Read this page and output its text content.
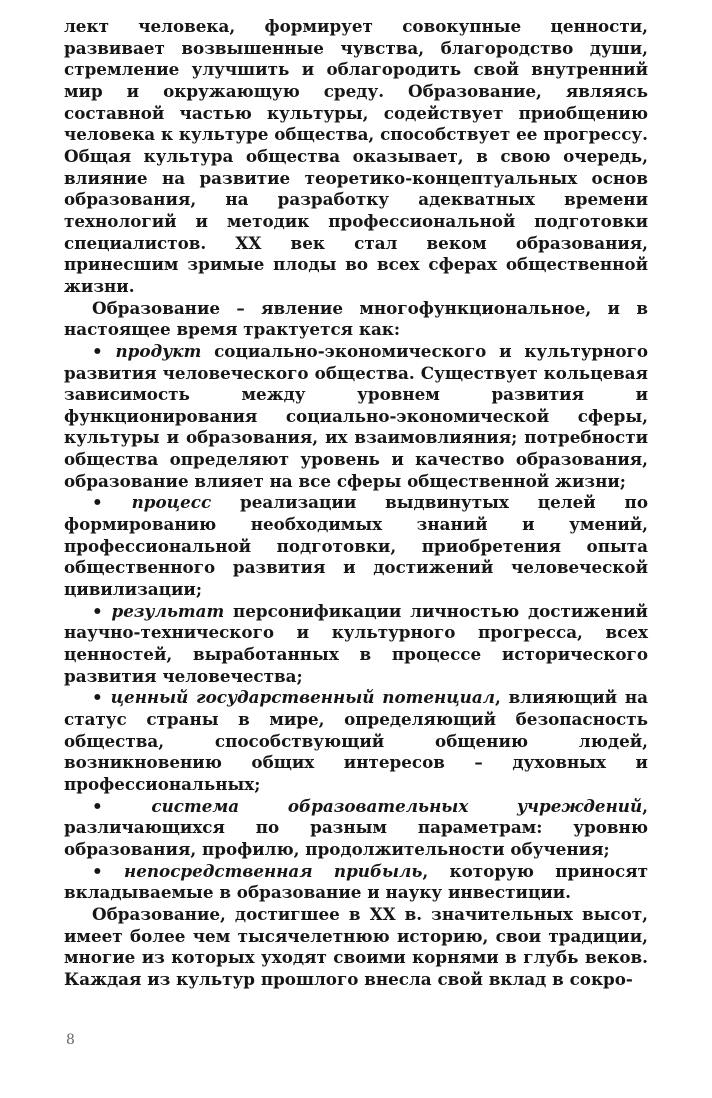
лект человека, формирует совокупные ценности, развивает возвышенные чувства, благородство души, стремление улучшить и облагородить свой внутренний мир и окружающую среду. Образование, являясь составной частью культуры, содействует приобщению человека к культуре общества, способствует ее прогрессу. Общая культура общества оказывает, в свою очередь, влияние на развитие теоретико-концептуальных основ образования, на разработку адекватных времени технологий и методик профессиональной подготовки специалистов. XX век стал веком образования, принесшим зримые плоды во всех сферах общественной жизни.

Образование – явление многофункциональное, и в настоящее время трактуется как:

• продукт социально-экономического и культурного развития человеческого общества. Существует кольцевая зависимость между уровнем развития и функционирования социально-экономической сферы, культуры и образования, их взаимовлияния; потребности общества определяют уровень и качество образования, образование влияет на все сферы общественной жизни;

• процесс реализации выдвинутых целей по формированию необходимых знаний и умений, профессиональной подготовки, приобретения опыта общественного развития и достижений человеческой цивилизации;

• результат персонификации личностью достижений научно-технического и культурного прогресса, всех ценностей, выработанных в процессе исторического развития человечества;

• ценный государственный потенциал, влияющий на статус страны в мире, определяющий безопасность общества, способствующий общению людей, возникновению общих интересов – духовных и профессиональных;

•	система образовательных учреждений, различающихся по разным параметрам: уровню образования, профилю, продолжительности обучения;

• непосредственная прибыль, которую приносят вкладываемые в образование и науку инвестиции.

Образование, достигшее в XX в. значительных высот, имеет более чем тысячелетнюю историю, свои традиции, многие из которых уходят своими корнями в глубь веков. Каждая из культур прошлого внесла свой вклад в сокро-

8
